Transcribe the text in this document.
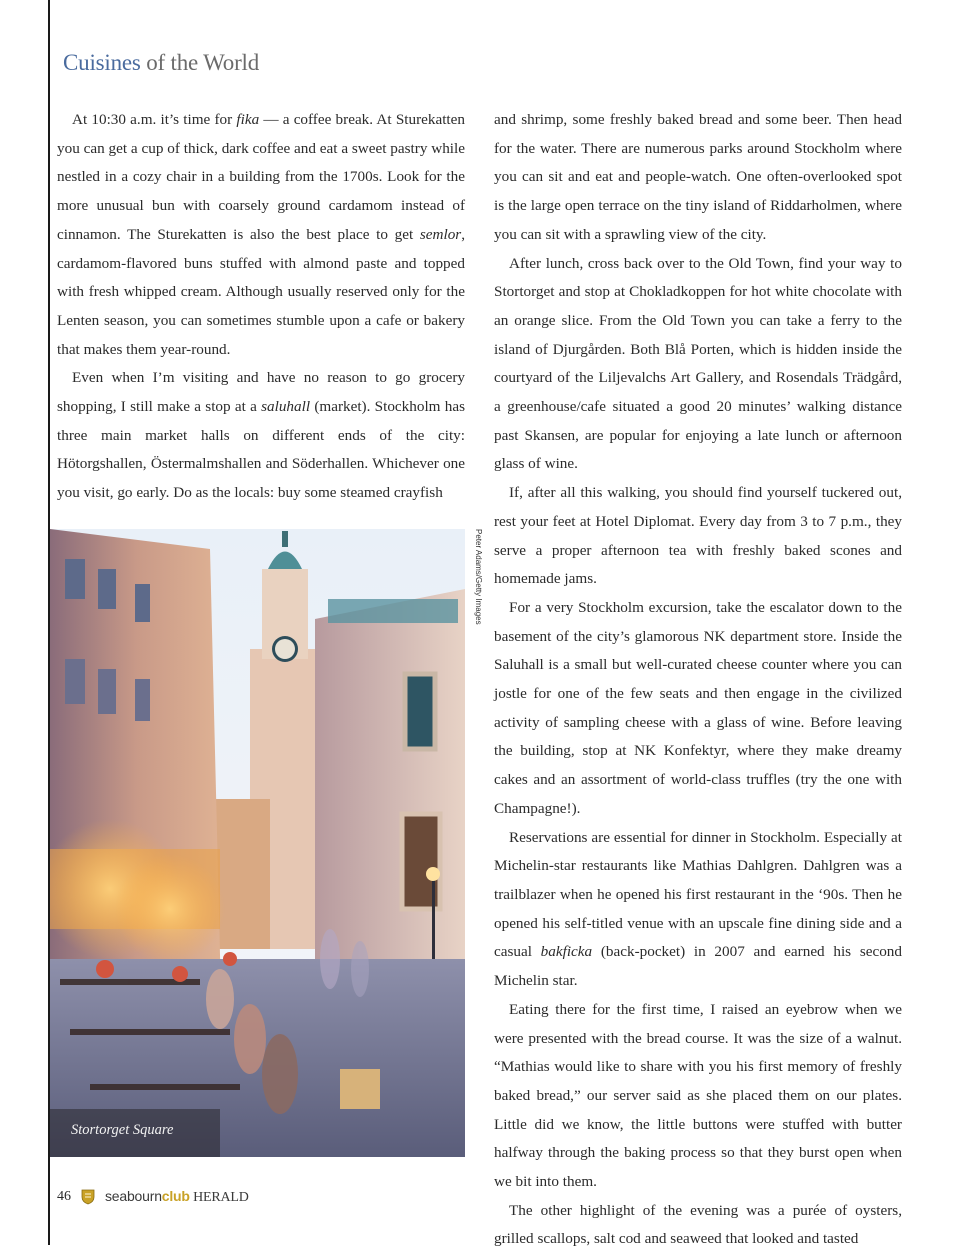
Cuisines of the World

At 10:30 a.m. it’s time for fika — a coffee break. At Sturekatten you can get a cup of thick, dark coffee and eat a sweet pastry while nestled in a cozy chair in a building from the 1700s. Look for the more unusual bun with coarsely ground cardamom instead of cinnamon. The Sturekatten is also the best place to get semlor, cardamom-flavored buns stuffed with almond paste and topped with fresh whipped cream. Although usually reserved only for the Lenten season, you can sometimes stumble upon a cafe or bakery that makes them year-round.

Even when I’m visiting and have no reason to go grocery shopping, I still make a stop at a saluhall (market). Stockholm has three main market halls on different ends of the city: Hötorgshallen, Östermalmshallen and Söderhallen. Whichever one you visit, go early. Do as the locals: buy some steamed crayfish

Stortorget Square
Peter Adams/Getty Images

and shrimp, some freshly baked bread and some beer. Then head for the water. There are numerous parks around Stockholm where you can sit and eat and people-watch. One often-overlooked spot is the large open terrace on the tiny island of Riddarholmen, where you can sit with a sprawling view of the city.

After lunch, cross back over to the Old Town, find your way to Stortorget and stop at Chokladkoppen for hot white chocolate with an orange slice. From the Old Town you can take a ferry to the island of Djurgården. Both Blå Porten, which is hidden inside the courtyard of the Liljevalchs Art Gallery, and Rosendals Trädgård, a greenhouse/cafe situated a good 20 minutes’ walking distance past Skansen, are popular for enjoying a late lunch or afternoon glass of wine.

If, after all this walking, you should find yourself tuckered out, rest your feet at Hotel Diplomat. Every day from 3 to 7 p.m., they serve a proper afternoon tea with freshly baked scones and homemade jams.

For a very Stockholm excursion, take the escalator down to the basement of the city’s glamorous NK department store. Inside the Saluhall is a small but well-curated cheese counter where you can jostle for one of the few seats and then engage in the civilized activity of sampling cheese with a glass of wine. Before leaving the building, stop at NK Konfektyr, where they make dreamy cakes and an assortment of world-class truffles (try the one with Champagne!).

Reservations are essential for dinner in Stockholm. Especially at Michelin-star restaurants like Mathias Dahlgren. Dahlgren was a trailblazer when he opened his first restaurant in the ‘90s. Then he opened his self-titled venue with an upscale fine dining side and a casual bakficka (back-pocket) in 2007 and earned his second Michelin star.

Eating there for the first time, I raised an eyebrow when we were presented with the bread course. It was the size of a walnut. “Mathias would like to share with you his first memory of freshly baked bread,” our server said as she placed them on our plates. Little did we know, the little buttons were stuffed with butter halfway through the baking process so that they burst open when we bit into them.

The other highlight of the evening was a purée of oysters, grilled scallops, salt cod and seaweed that looked and tasted

46 seabournclub HERALD
